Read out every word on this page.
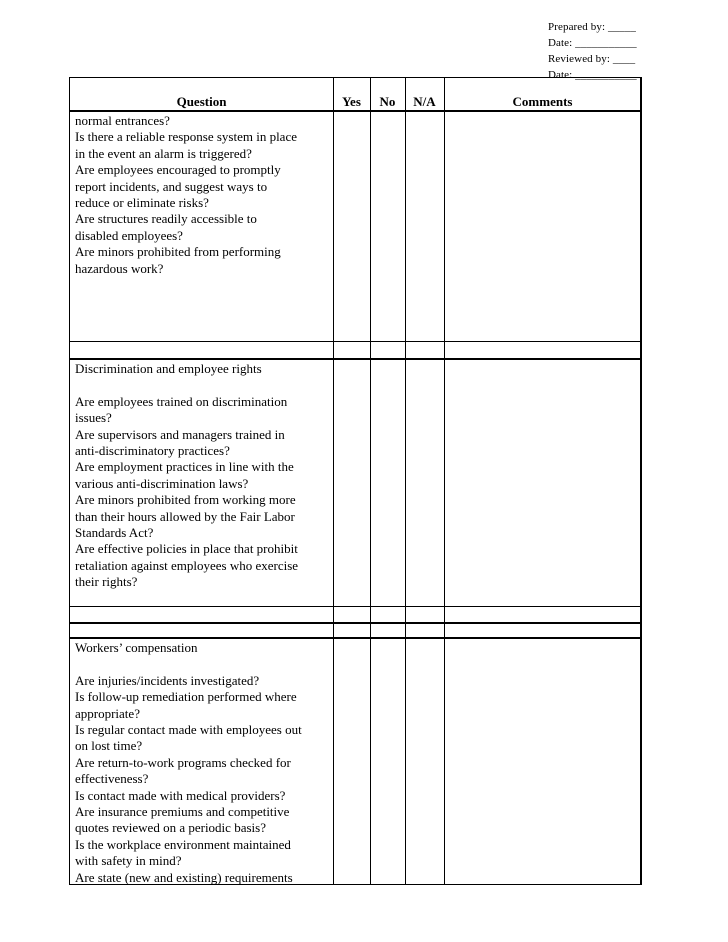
Prepared by: _____
Date: ___________
Reviewed by: ____
Date: ___________
Question	Yes	No	N/A	Comments

normal entrances?

Is there a reliable response system in place

in the event an alarm is triggered?

Are employees encouraged to promptly

report incidents, and suggest ways to

reduce or eliminate risks?

Are structures readily accessible to

disabled employees?

Are minors prohibited from performing

hazardous work?

Discrimination and employee rights

Are employees trained on discrimination

issues?

Are supervisors and managers trained in

anti-discriminatory practices?

Are employment practices in line with the

various anti-discrimination laws?

Are minors prohibited from working more

than their hours allowed by the Fair Labor

Standards Act?

Are effective policies in place that prohibit

retaliation against employees who exercise

their rights?

Workers’ compensation

Are injuries/incidents investigated?

Is follow-up remediation performed where

appropriate?

Is regular contact made with employees out

on lost time?

Are return-to-work programs checked for

effectiveness?

Is contact made with medical providers?

Are insurance premiums and competitive

quotes reviewed on a periodic basis?

Is the workplace environment maintained

with safety in mind?

Are state (new and existing) requirements
